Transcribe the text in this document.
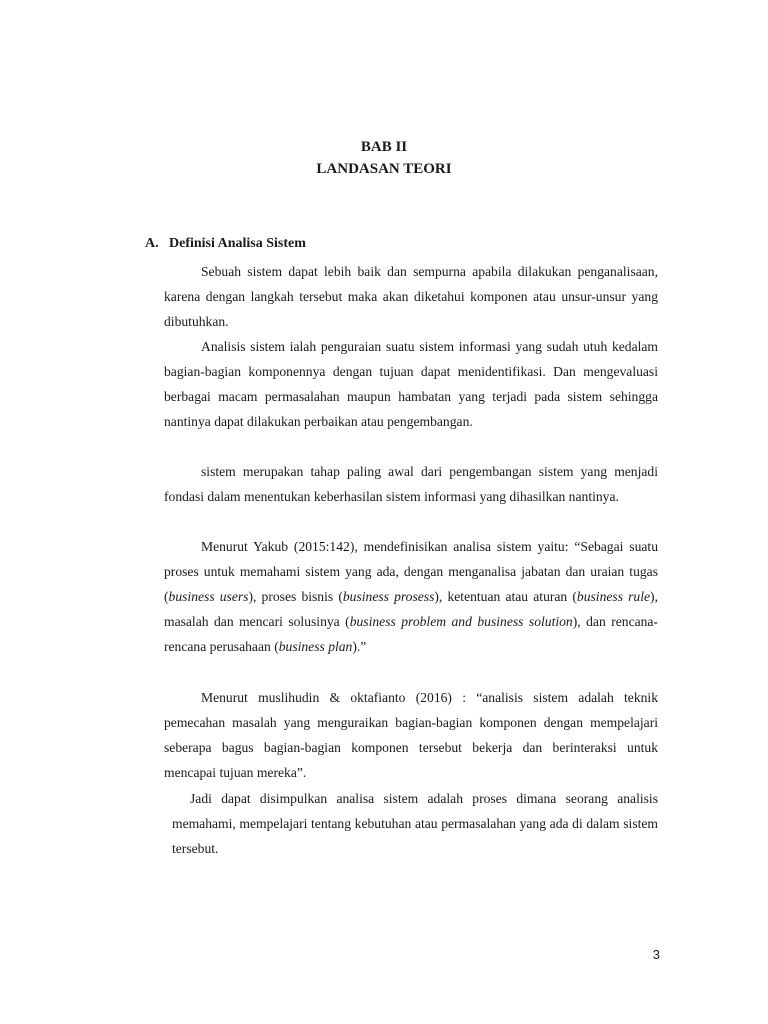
BAB II
LANDASAN TEORI
A. Definisi Analisa Sistem

Sebuah sistem dapat lebih baik dan sempurna apabila dilakukan penganalisaan, karena dengan langkah tersebut maka akan diketahui komponen atau unsur-unsur yang dibutuhkan.

Analisis sistem ialah penguraian suatu sistem informasi yang sudah utuh kedalam bagian-bagian komponennya dengan tujuan dapat menidentifikasi. Dan mengevaluasi berbagai macam permasalahan maupun hambatan yang terjadi pada sistem sehingga nantinya dapat dilakukan perbaikan atau pengembangan.

sistem merupakan tahap paling awal dari pengembangan sistem yang menjadi fondasi dalam menentukan keberhasilan sistem informasi yang dihasilkan nantinya.

Menurut Yakub (2015:142), mendefinisikan analisa sistem yaitu: “Sebagai suatu proses untuk memahami sistem yang ada, dengan menganalisa jabatan dan uraian tugas (business users), proses bisnis (business prosess), ketentuan atau aturan (business rule), masalah dan mencari solusinya (business problem and business solution), dan rencana-rencana perusahaan (business plan).”

Menurut muslihudin & oktafianto (2016) : “analisis sistem adalah teknik pemecahan masalah yang menguraikan bagian-bagian komponen dengan mempelajari seberapa bagus bagian-bagian komponen tersebut bekerja dan berinteraksi untuk mencapai tujuan mereka”.

Jadi dapat disimpulkan analisa sistem adalah proses dimana seorang analisis memahami, mempelajari tentang kebutuhan atau permasalahan yang ada di dalam sistem tersebut.

3
